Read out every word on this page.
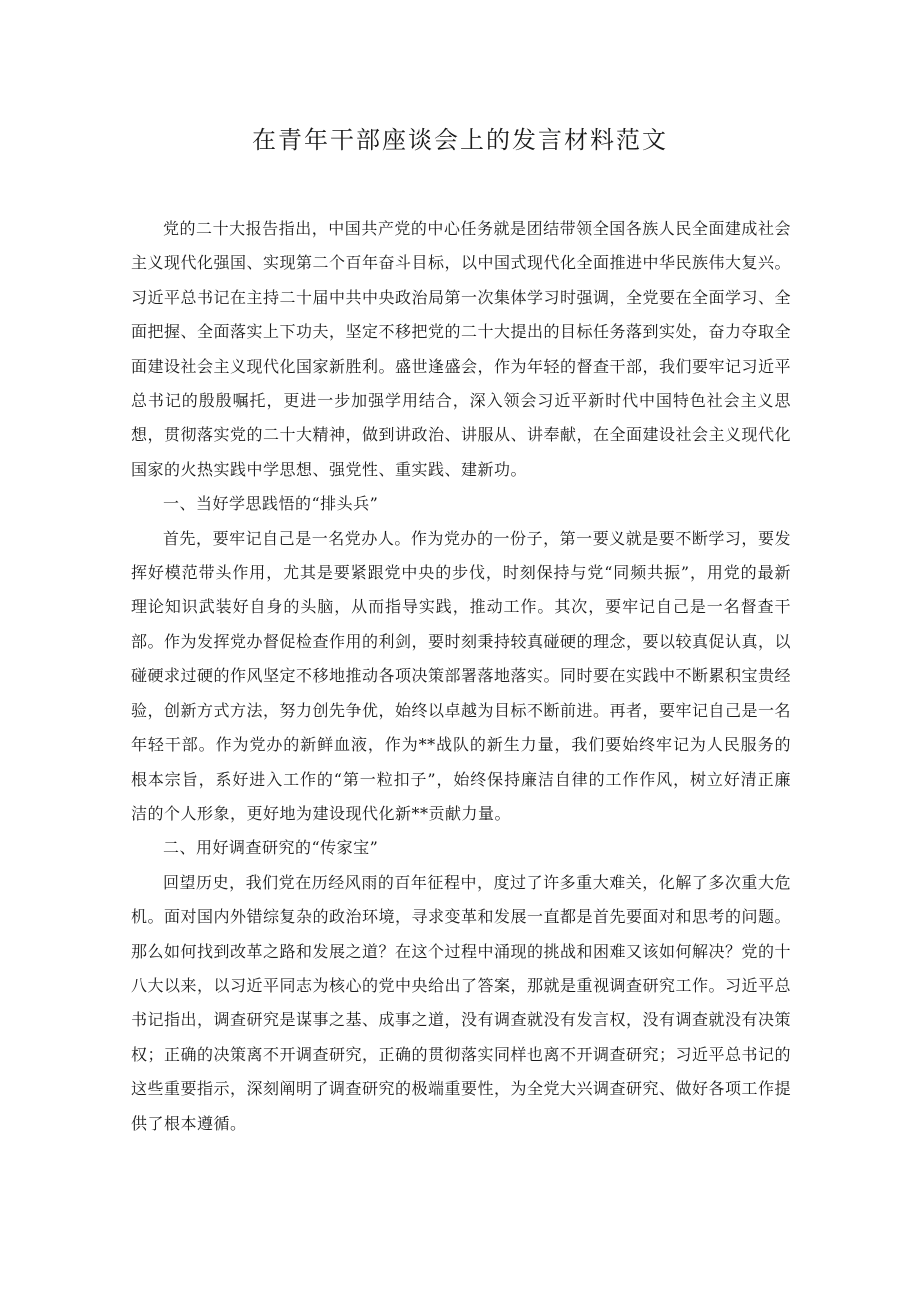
在青年干部座谈会上的发言材料范文

党的二十大报告指出，中国共产党的中心任务就是团结带领全国各族人民全面建成社会主义现代化强国、实现第二个百年奋斗目标，以中国式现代化全面推进中华民族伟大复兴。习近平总书记在主持二十届中共中央政治局第一次集体学习时强调，全党要在全面学习、全面把握、全面落实上下功夫，坚定不移把党的二十大提出的目标任务落到实处，奋力夺取全面建设社会主义现代化国家新胜利。盛世逢盛会，作为年轻的督查干部，我们要牢记习近平总书记的殷殷嘱托，更进一步加强学用结合，深入领会习近平新时代中国特色社会主义思想，贯彻落实党的二十大精神，做到讲政治、讲服从、讲奉献，在全面建设社会主义现代化国家的火热实践中学思想、强党性、重实践、建新功。

一、当好学思践悟的“排头兵”

首先，要牢记自己是一名党办人。作为党办的一份子，第一要义就是要不断学习，要发挥好模范带头作用，尤其是要紧跟党中央的步伐，时刻保持与党“同频共振”，用党的最新理论知识武装好自身的头脑，从而指导实践，推动工作。其次，要牢记自己是一名督查干部。作为发挥党办督促检查作用的利剑，要时刻秉持较真碰硬的理念，要以较真促认真，以碰硬求过硬的作风坚定不移地推动各项决策部署落地落实。同时要在实践中不断累积宝贵经验，创新方式方法，努力创先争优，始终以卓越为目标不断前进。再者，要牢记自己是一名年轻干部。作为党办的新鲜血液，作为**战队的新生力量，我们要始终牢记为人民服务的根本宗旨，系好进入工作的“第一粒扣子”，始终保持廉洁自律的工作作风，树立好清正廉洁的个人形象，更好地为建设现代化新**贡献力量。

二、用好调查研究的“传家宝”

回望历史，我们党在历经风雨的百年征程中，度过了许多重大难关，化解了多次重大危机。面对国内外错综复杂的政治环境，寻求变革和发展一直都是首先要面对和思考的问题。那么如何找到改革之路和发展之道？在这个过程中涌现的挑战和困难又该如何解决？党的十八大以来，以习近平同志为核心的党中央给出了答案，那就是重视调查研究工作。习近平总书记指出，调查研究是谋事之基、成事之道，没有调查就没有发言权，没有调查就没有决策权；正确的决策离不开调查研究，正确的贯彻落实同样也离不开调查研究；习近平总书记的这些重要指示，深刻阐明了调查研究的极端重要性，为全党大兴调查研究、做好各项工作提供了根本遵循。
